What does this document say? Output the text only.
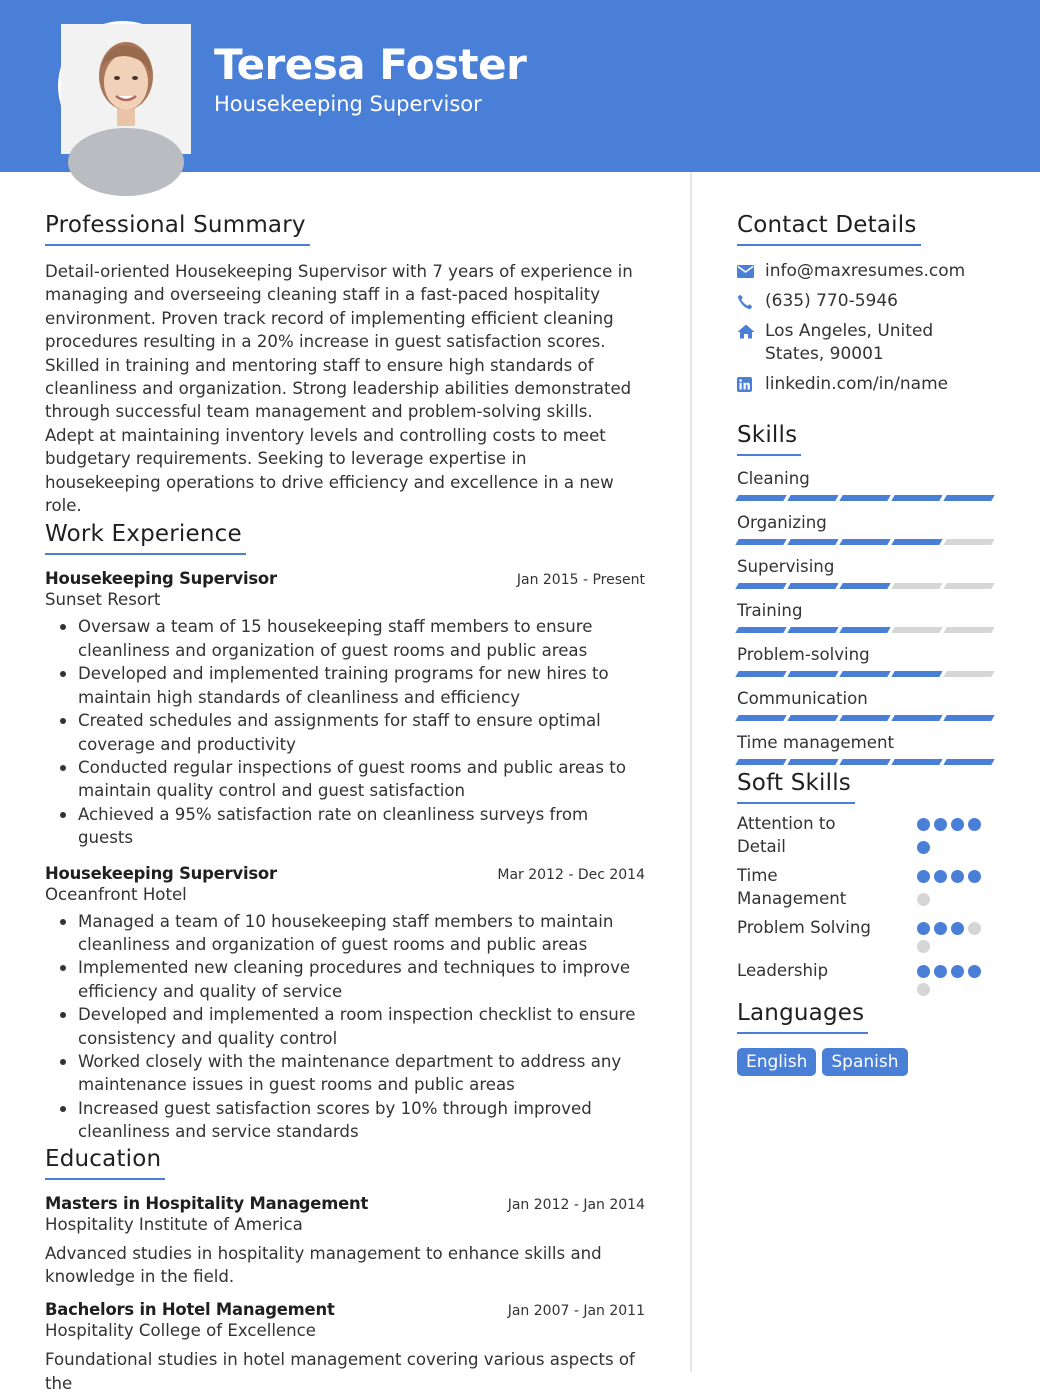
Teresa Foster
Housekeeping Supervisor
Professional Summary

Detail-oriented Housekeeping Supervisor with 7 years of experience in managing and overseeing cleaning staff in a fast-paced hospitality environment. Proven track record of implementing efficient cleaning procedures resulting in a 20% increase in guest satisfaction scores. Skilled in training and mentoring staff to ensure high standards of cleanliness and organization. Strong leadership abilities demonstrated through successful team management and problem-solving skills. Adept at maintaining inventory levels and controlling costs to meet budgetary requirements. Seeking to leverage expertise in housekeeping operations to drive efficiency and excellence in a new role.

Work Experience
Housekeeping Supervisor	Jan 2015 - Present
Sunset Resort
Oversaw a team of 15 housekeeping staff members to ensure cleanliness and organization of guest rooms and public areas
Developed and implemented training programs for new hires to maintain high standards of cleanliness and efficiency
Created schedules and assignments for staff to ensure optimal coverage and productivity
Conducted regular inspections of guest rooms and public areas to maintain quality control and guest satisfaction
Achieved a 95% satisfaction rate on cleanliness surveys from guests
Housekeeping Supervisor	Mar 2012 - Dec 2014
Oceanfront Hotel
Managed a team of 10 housekeeping staff members to maintain cleanliness and organization of guest rooms and public areas
Implemented new cleaning procedures and techniques to improve efficiency and quality of service
Developed and implemented a room inspection checklist to ensure consistency and quality control
Worked closely with the maintenance department to address any maintenance issues in guest rooms and public areas
Increased guest satisfaction scores by 10% through improved cleanliness and service standards
Education
Masters in Hospitality Management	Jan 2012 - Jan 2014
Hospitality Institute of America

Advanced studies in hospitality management to enhance skills and knowledge in the field.

Bachelors in Hotel Management	Jan 2007 - Jan 2011
Hospitality College of Excellence

Foundational studies in hotel management covering various aspects of the

Contact Details
info@maxresumes.com
(635) 770-5946
Los Angeles, United States, 90001
linkedin.com/in/name
Skills
Cleaning
Organizing
Supervising
Training
Problem-solving
Communication
Time management
Soft Skills
Attention to Detail
Time Management
Problem Solving
Leadership
Languages
English	Spanish
